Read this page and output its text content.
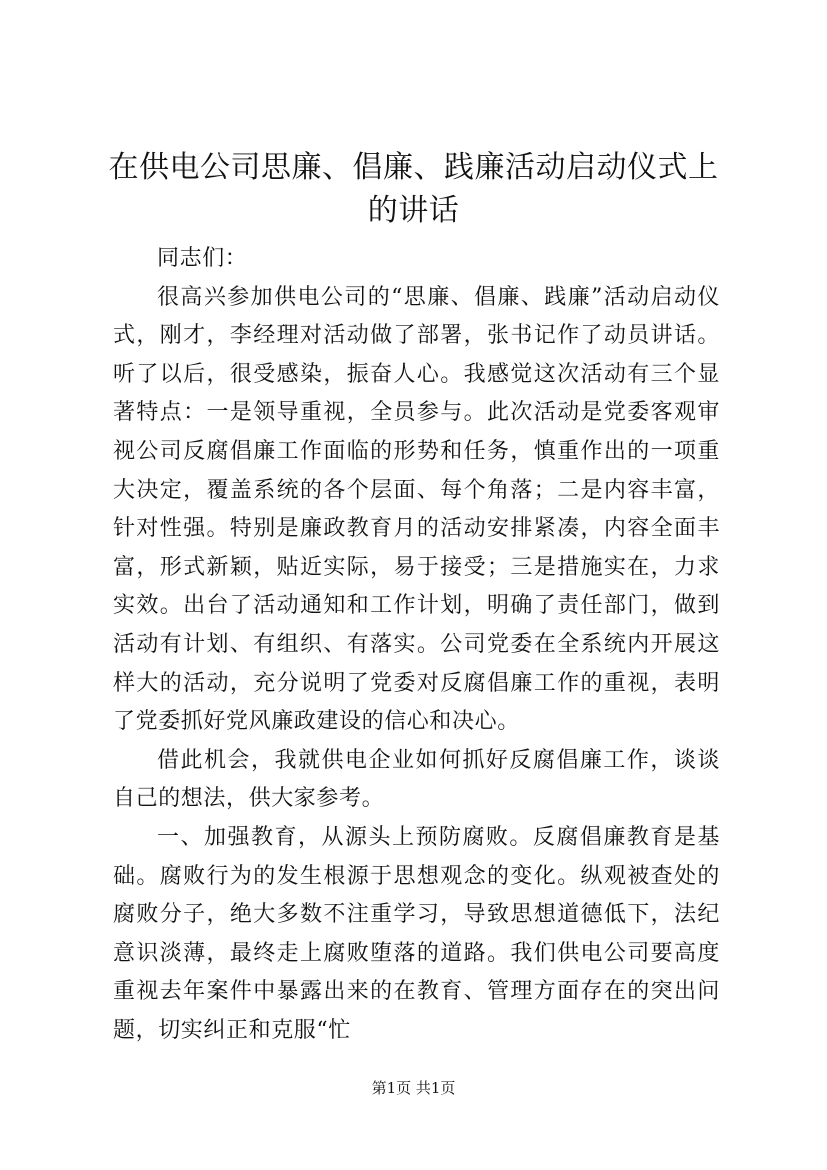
在供电公司思廉、倡廉、践廉活动启动仪式上的讲话

同志们：

很高兴参加供电公司的“思廉、倡廉、践廉”活动启动仪式，刚才，李经理对活动做了部署，张书记作了动员讲话。听了以后，很受感染，振奋人心。我感觉这次活动有三个显著特点：一是领导重视，全员参与。此次活动是党委客观审视公司反腐倡廉工作面临的形势和任务，慎重作出的一项重大决定，覆盖系统的各个层面、每个角落；二是内容丰富，针对性强。特别是廉政教育月的活动安排紧凑，内容全面丰富，形式新颖，贴近实际，易于接受；三是措施实在，力求实效。出台了活动通知和工作计划，明确了责任部门，做到活动有计划、有组织、有落实。公司党委在全系统内开展这样大的活动，充分说明了党委对反腐倡廉工作的重视，表明了党委抓好党风廉政建设的信心和决心。

借此机会，我就供电企业如何抓好反腐倡廉工作，谈谈自己的想法，供大家参考。

一、加强教育，从源头上预防腐败。反腐倡廉教育是基础。腐败行为的发生根源于思想观念的变化。纵观被查处的腐败分子，绝大多数不注重学习，导致思想道德低下，法纪意识淡薄，最终走上腐败堕落的道路。我们供电公司要高度重视去年案件中暴露出来的在教育、管理方面存在的突出问题，切实纠正和克服“忙

第1页 共1页
